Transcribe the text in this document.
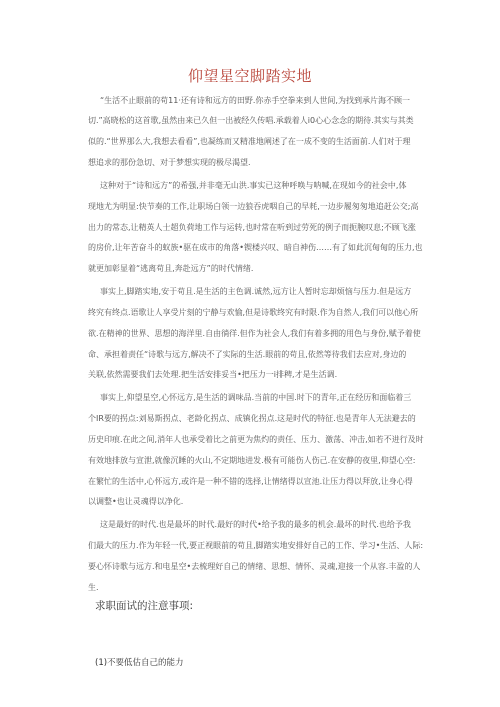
仰望星空脚踏实地
“生活不止眼前的苟11·还有诗和远方的田野.你赤手空拳来到人世间,为找到承片海不顾一
切.”高晓松的这首歌,虽然由来已久但一出被经久传唱.承载着人i0心心念念的期待.其实与其类
似的.“世界那么大,我想去看看”,也凝练而又精准地阐述了在一成不变的生活面前.人们对于理
想追求的那份急切、对于梦想实现的极尽渴望.
这种对于“诗和远方”的希强,并非毫无山洪.事实已这种呼唤与呐喊,在现如今的社会中,体
现地尤为明显:快节奏的工作,让职场白领一边狼吞虎咽自己的早耗,一边步履匆匆地追赶公交;高
出力的常态,让精英人士超负荷地工作与运转,也时常在听到过劳死的例子而扼腕叹息;不顾飞涨
的房价,让年苦奋斗的蚁族•驱在成市的角落•锲楼兴叹、暗自神伤……有了如此沉甸甸的压力,也
就更加彰显着“逃离苟且,奔赴远方”的时代情绪.
事实上,脚踏实地,安于苟且.是生活的主色调.诚然,远方让人暂时忘却烦恼与压力.但是远方
终究有终点.语歌让人享受片刻的宁静与欢愉,但是诗歌终究有时限.作为自然人,我们可以他心所
欲.在精神的世界、思想的海洋里.自由徜徉.但作为社会人,我们有着多拥的用色与身份,赋予着使
命、承担着责任“诗歌与远方,解决不了实际的生活.眼前的苟且,依然等待我们去应对,身边的
关联,依然需要我们去处理.把生活安排妥当•把压力一i排稗,才是生活调.
事实上,仰望星空,心怀远方,是生活的调味品.当前的中国.时下的青年,正在经历和面临着三
个IR要的拐点:刘易斯拐点、老龄化拐点、成镇化拐点.这是时代的特征.也是青年人无法避去的
历史印痕.在此之间,消年人也承受着比之前更为焦灼的责任、压力、激荡、冲击,如若不进行及时
有效地排放与宣泄,就像沉睡的火山,不定期地进发.极有可能伤人伤己.在安静的夜里,仰望心空:
在繁忙的生活中,心怀远方,或许是一种不错的选择,让情绪得以宣池.让压力得以拜放,让身心得
以调整•也让灵魂得以净化.
这是最好的时代.也是最坏的时代.最好的时代•给予我的最多的机会.最坏的时代.也给予我
们最大的压力.作为年轻一代,要正视眼前的苟且,脚踏实地安排好自己的工作、学习•生活、人际:
要心怀诗歌与远方.和电星空•去梳理好自己的情绪、思想、情怀、灵魂,迎接一个从容.丰盈的人
生.
求职面试的注意事项:
(1)不要低估自己的能力
